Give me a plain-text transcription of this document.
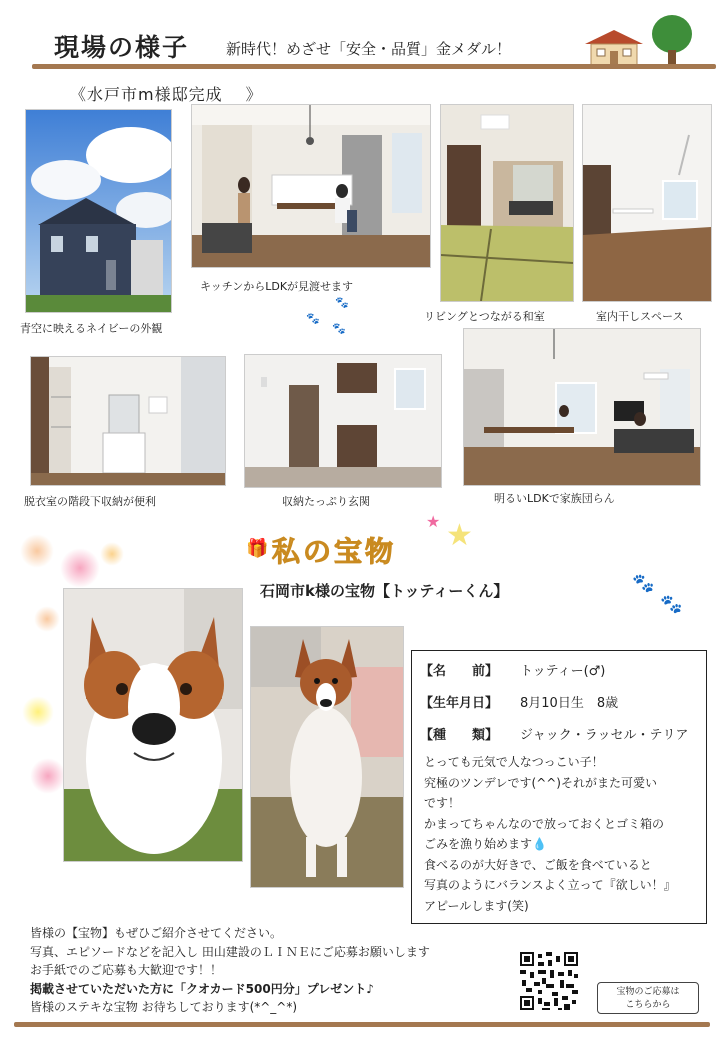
現場の様子 新時代！めざせ「安全・品質」金メダル！
《水戸市m様邸完成　 》
青空に映えるネイビーの外観
キッチンからLDKが見渡せます
リビングとつながる和室	室内干しスペース
🐾
🐾
🐾
脱衣室の階段下収納が便利	収納たっぷり玄関	明るいLDKで家族団らん
🎁 私の宝物
★ ★
石岡市k様の宝物【トッティーくん】	🐾
🐾
【名　　前】 トッティー(♂)
【生年月日】 8月10日生　8歳
【種　　類】 ジャック・ラッセル・テリア
とっても元気で人なつっこい子！
究極のツンデレです(^^)それがまた可愛い
です！
かまってちゃんなので放っておくとゴミ箱の
ごみを漁り始めます💧
食べるのが大好きで、ご飯を食べていると
写真のようにバランスよく立って『欲しい！』
アピールします(笑)
皆様の【宝物】もぜひご紹介させてください。
写真、エピソードなどを記入し 田山建設のＬＩＮＥにご応募お願いします
お手紙でのご応募も大歓迎です！！
掲載させていただいた方に「クオカード500円分」プレゼント♪
皆様のステキな宝物 お待ちしております(*^_^*)
宝物のご応募は
こちらから
